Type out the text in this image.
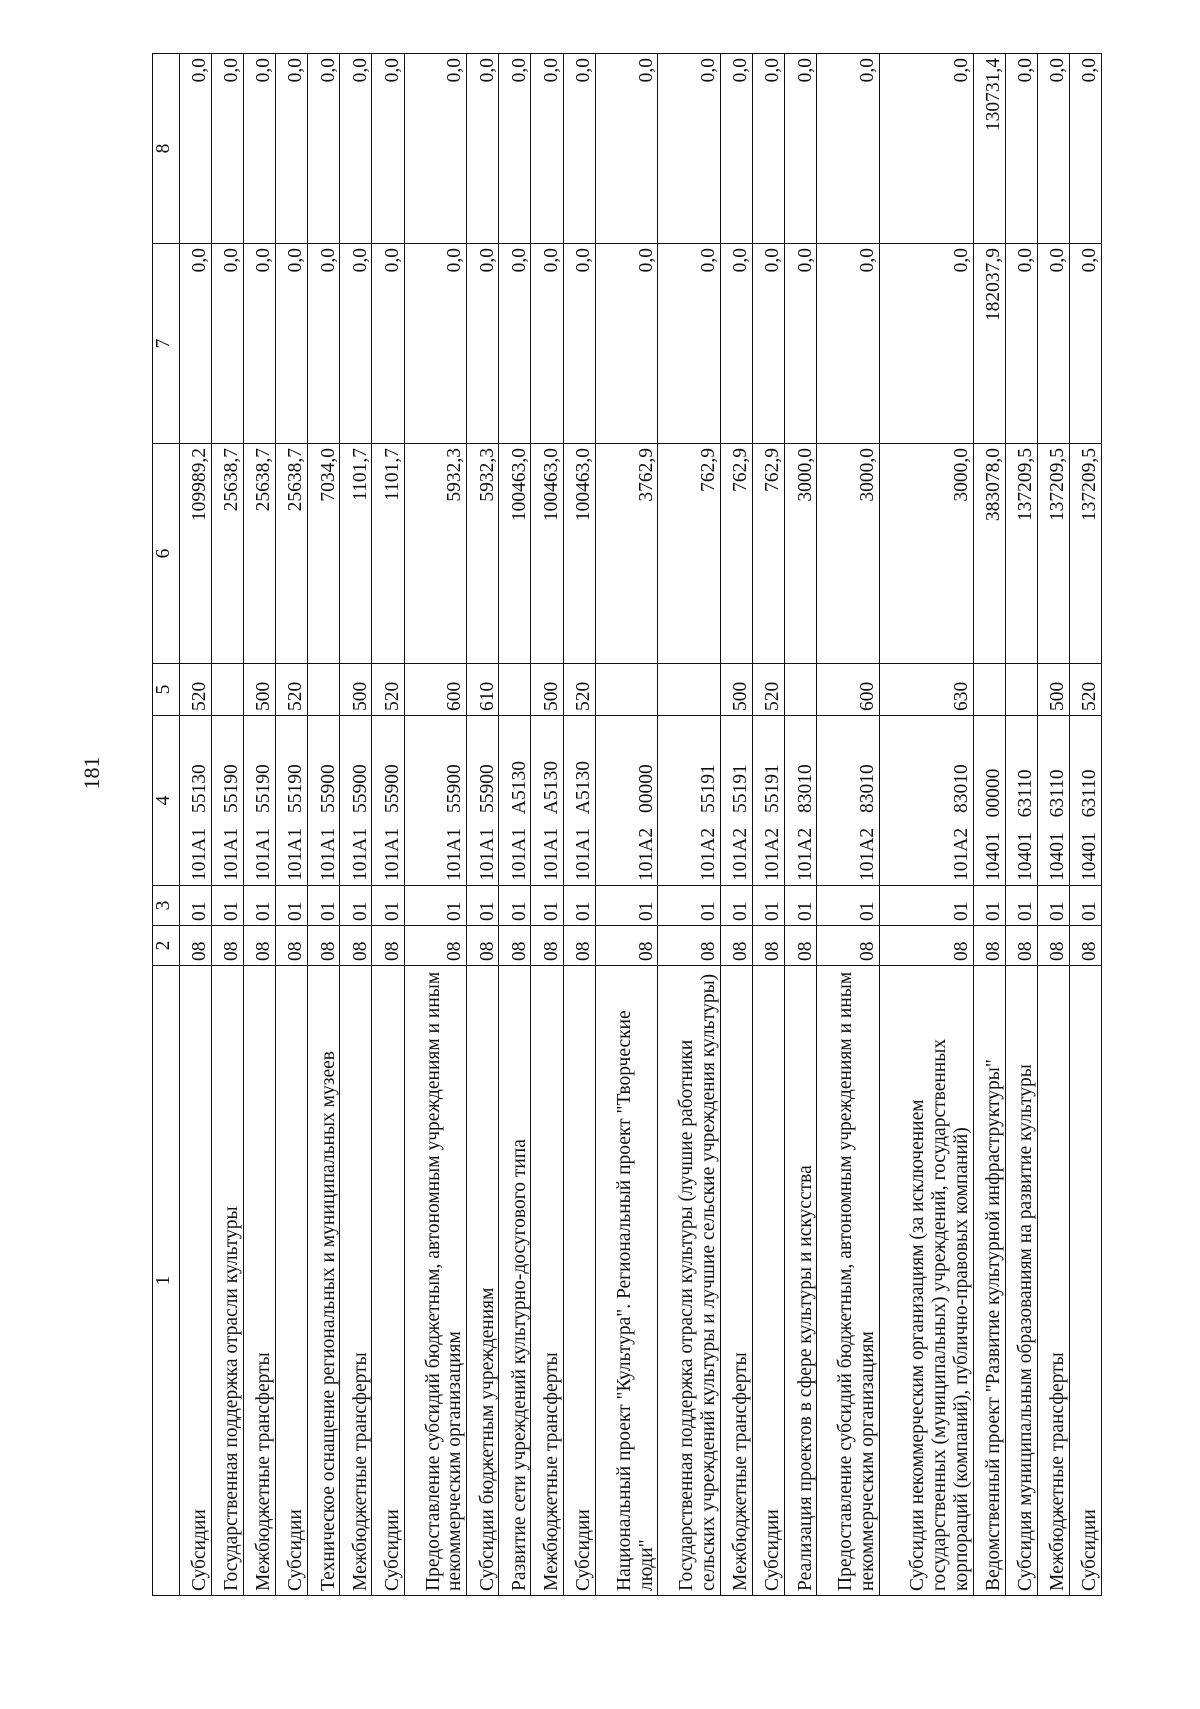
181
1	2	3	4	5	6	7	8
Субсидии	08	01	101A1 55130	520	109989,2	0,0	0,0
Государственная поддержка отрасли культуры	08	01	101A1 55190		25638,7	0,0	0,0
Межбюджетные трансферты	08	01	101A1 55190	500	25638,7	0,0	0,0
Субсидии	08	01	101A1 55190	520	25638,7	0,0	0,0
Техническое оснащение региональных и муниципальных музеев	08	01	101A1 55900		7034,0	0,0	0,0
Межбюджетные трансферты	08	01	101A1 55900	500	1101,7	0,0	0,0
Субсидии	08	01	101A1 55900	520	1101,7	0,0	0,0
Предоставление субсидий бюджетным, автономным учреждениям и иным некоммерческим организациям	08	01	101A1 55900	600	5932,3	0,0	0,0
Субсидии бюджетным учреждениям	08	01	101A1 55900	610	5932,3	0,0	0,0
Развитие сети учреждений культурно-досугового типа	08	01	101A1 A5130		100463,0	0,0	0,0
Межбюджетные трансферты	08	01	101A1 A5130	500	100463,0	0,0	0,0
Субсидии	08	01	101A1 A5130	520	100463,0	0,0	0,0
Национальный проект "Культура". Региональный проект "Творческие люди"	08	01	101A2 00000		3762,9	0,0	0,0
Государственная поддержка отрасли культуры (лучшие работники сельских учреждений культуры и лучшие сельские учреждения культуры)	08	01	101A2 55191		762,9	0,0	0,0
Межбюджетные трансферты	08	01	101A2 55191	500	762,9	0,0	0,0
Субсидии	08	01	101A2 55191	520	762,9	0,0	0,0
Реализация проектов в сфере культуры и искусства	08	01	101A2 83010		3000,0	0,0	0,0
Предоставление субсидий бюджетным, автономным учреждениям и иным некоммерческим организациям	08	01	101A2 83010	600	3000,0	0,0	0,0
Субсидии некоммерческим организациям (за исключением государственных (муниципальных) учреждений, государственных корпораций (компаний), публично-правовых компаний)	08	01	101A2 83010	630	3000,0	0,0	0,0
Ведомственный проект "Развитие культурной инфраструктуры"	08	01	10401 00000		383078,0	182037,9	130731,4
Субсидия муниципальным образованиям на развитие культуры	08	01	10401 63110		137209,5	0,0	0,0
Межбюджетные трансферты	08	01	10401 63110	500	137209,5	0,0	0,0
Субсидии	08	01	10401 63110	520	137209,5	0,0	0,0
